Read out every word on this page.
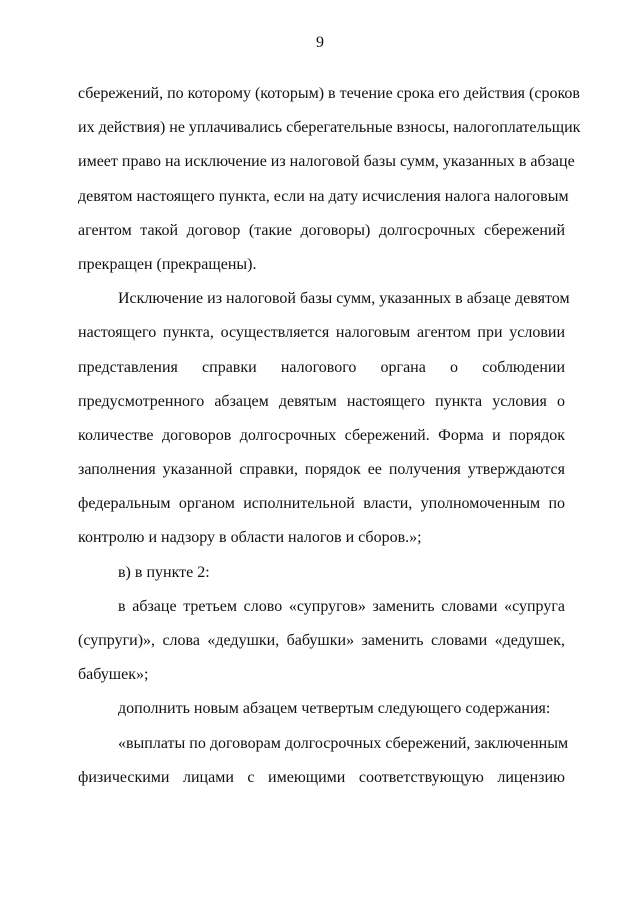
9
сбережений, по которому (которым) в течение срока его действия (сроков
их действия) не уплачивались сберегательные взносы, налогоплательщик
имеет право на исключение из налоговой базы сумм, указанных в абзаце
девятом настоящего пункта, если на дату исчисления налога налоговым
агентом такой договор (такие договоры) долгосрочных сбережений
прекращен (прекращены).
Исключение из налоговой базы сумм, указанных в абзаце девятом
настоящего пункта, осуществляется налоговым агентом при условии
представления справки налогового органа о соблюдении
предусмотренного абзацем девятым настоящего пункта условия о
количестве договоров долгосрочных сбережений. Форма и порядок
заполнения указанной справки, порядок ее получения утверждаются
федеральным органом исполнительной власти, уполномоченным по
контролю и надзору в области налогов и сборов.»;
в) в пункте 2:
в абзаце третьем слово «супругов» заменить словами «супруга
(супруги)», слова «дедушки, бабушки» заменить словами «дедушек,
бабушек»;
дополнить новым абзацем четвертым следующего содержания:
«выплаты по договорам долгосрочных сбережений, заключенным
физическими лицами с имеющими соответствующую лицензию
